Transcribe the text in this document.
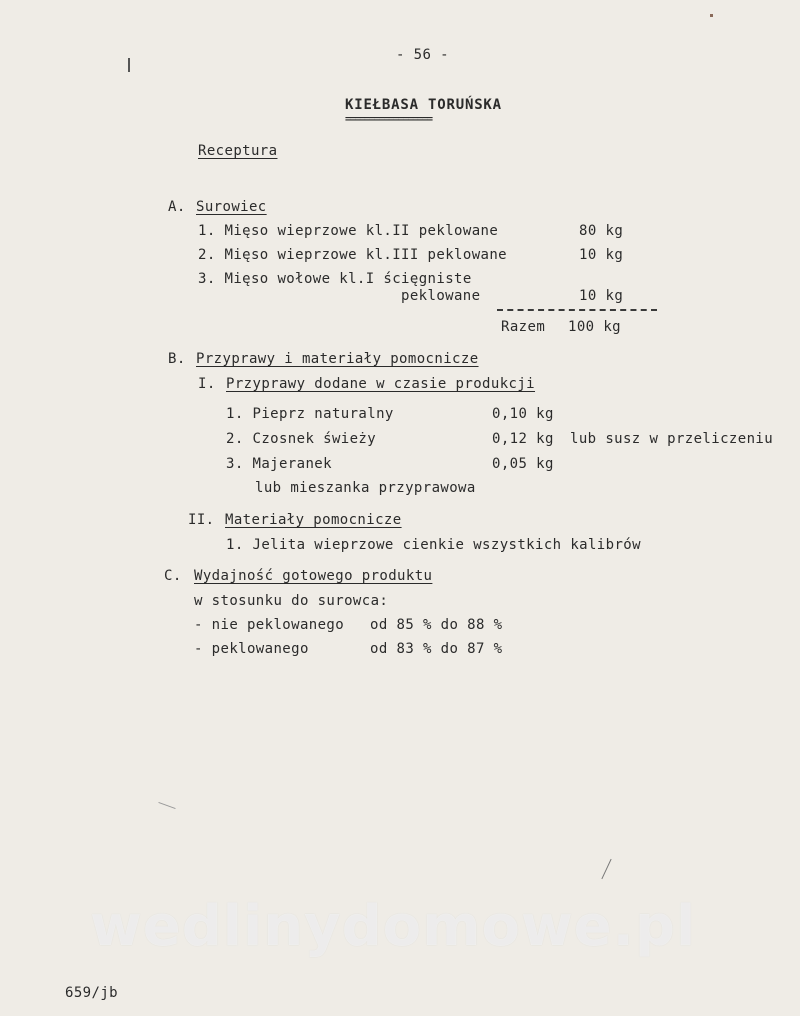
- 56 -
KIEŁBASA TORUŃSKA
==================
Receptura
A. Surowiec
1. Mięso wieprzowe kl.II peklowane	80 kg
2. Mięso wieprzowe kl.III peklowane	10 kg
3. Mięso wołowe kl.I ścięgniste
peklowane	10 kg
Razem 100 kg
B. Przyprawy i materiały pomocnicze
I. Przyprawy dodane w czasie produkcji
1. Pieprz naturalny	0,10 kg
2. Czosnek świeży	0,12 kg lub susz w przeliczeniu
3. Majeranek	0,05 kg
lub mieszanka przyprawowa
II. Materiały pomocnicze
1. Jelita wieprzowe cienkie wszystkich kalibrów
C. Wydajność gotowego produktu
w stosunku do surowca:
- nie peklowanego od 85 % do 88 %
- peklowanego	od 83 % do 87 %
wedlinydomowe.pl
659/jb
